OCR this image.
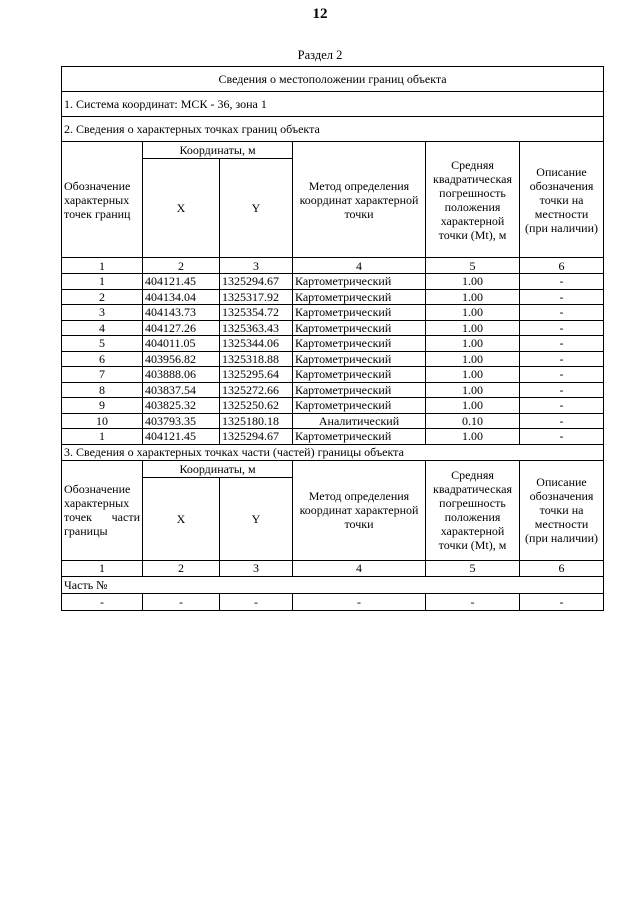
12
Раздел 2
Сведения о местоположении границ объекта					
1. Система координат: МСК - 36, зона 1					
2. Сведения о характерных точках границ объекта					
Обозначение характерных точек границ	Координаты, м		Метод определения координат характерной точки	Средняя квадратическая погрешность положения характерной точки (Mt), м	Описание обозначения точки на местности (при наличии)
	X	Y			
1	2	3	4	5	6
1	404121.45	1325294.67	Картометрический	1.00	-
2	404134.04	1325317.92	Картометрический	1.00	-
3	404143.73	1325354.72	Картометрический	1.00	-
4	404127.26	1325363.43	Картометрический	1.00	-
5	404011.05	1325344.06	Картометрический	1.00	-
6	403956.82	1325318.88	Картометрический	1.00	-
7	403888.06	1325295.64	Картометрический	1.00	-
8	403837.54	1325272.66	Картометрический	1.00	-
9	403825.32	1325250.62	Картометрический	1.00	-
10	403793.35	1325180.18	Аналитический	0.10	-
1	404121.45	1325294.67	Картометрический	1.00	-
3. Сведения о характерных точках части (частей) границы объекта					
Обозначение характерных точек части границы	Координаты, м		Метод определения координат характерной точки	Средняя квадратическая погрешность положения характерной точки (Mt), м	Описание обозначения точки на местности (при наличии)
	X	Y			
1	2	3	4	5	6
Часть №					
-	-	-	-	-	-
